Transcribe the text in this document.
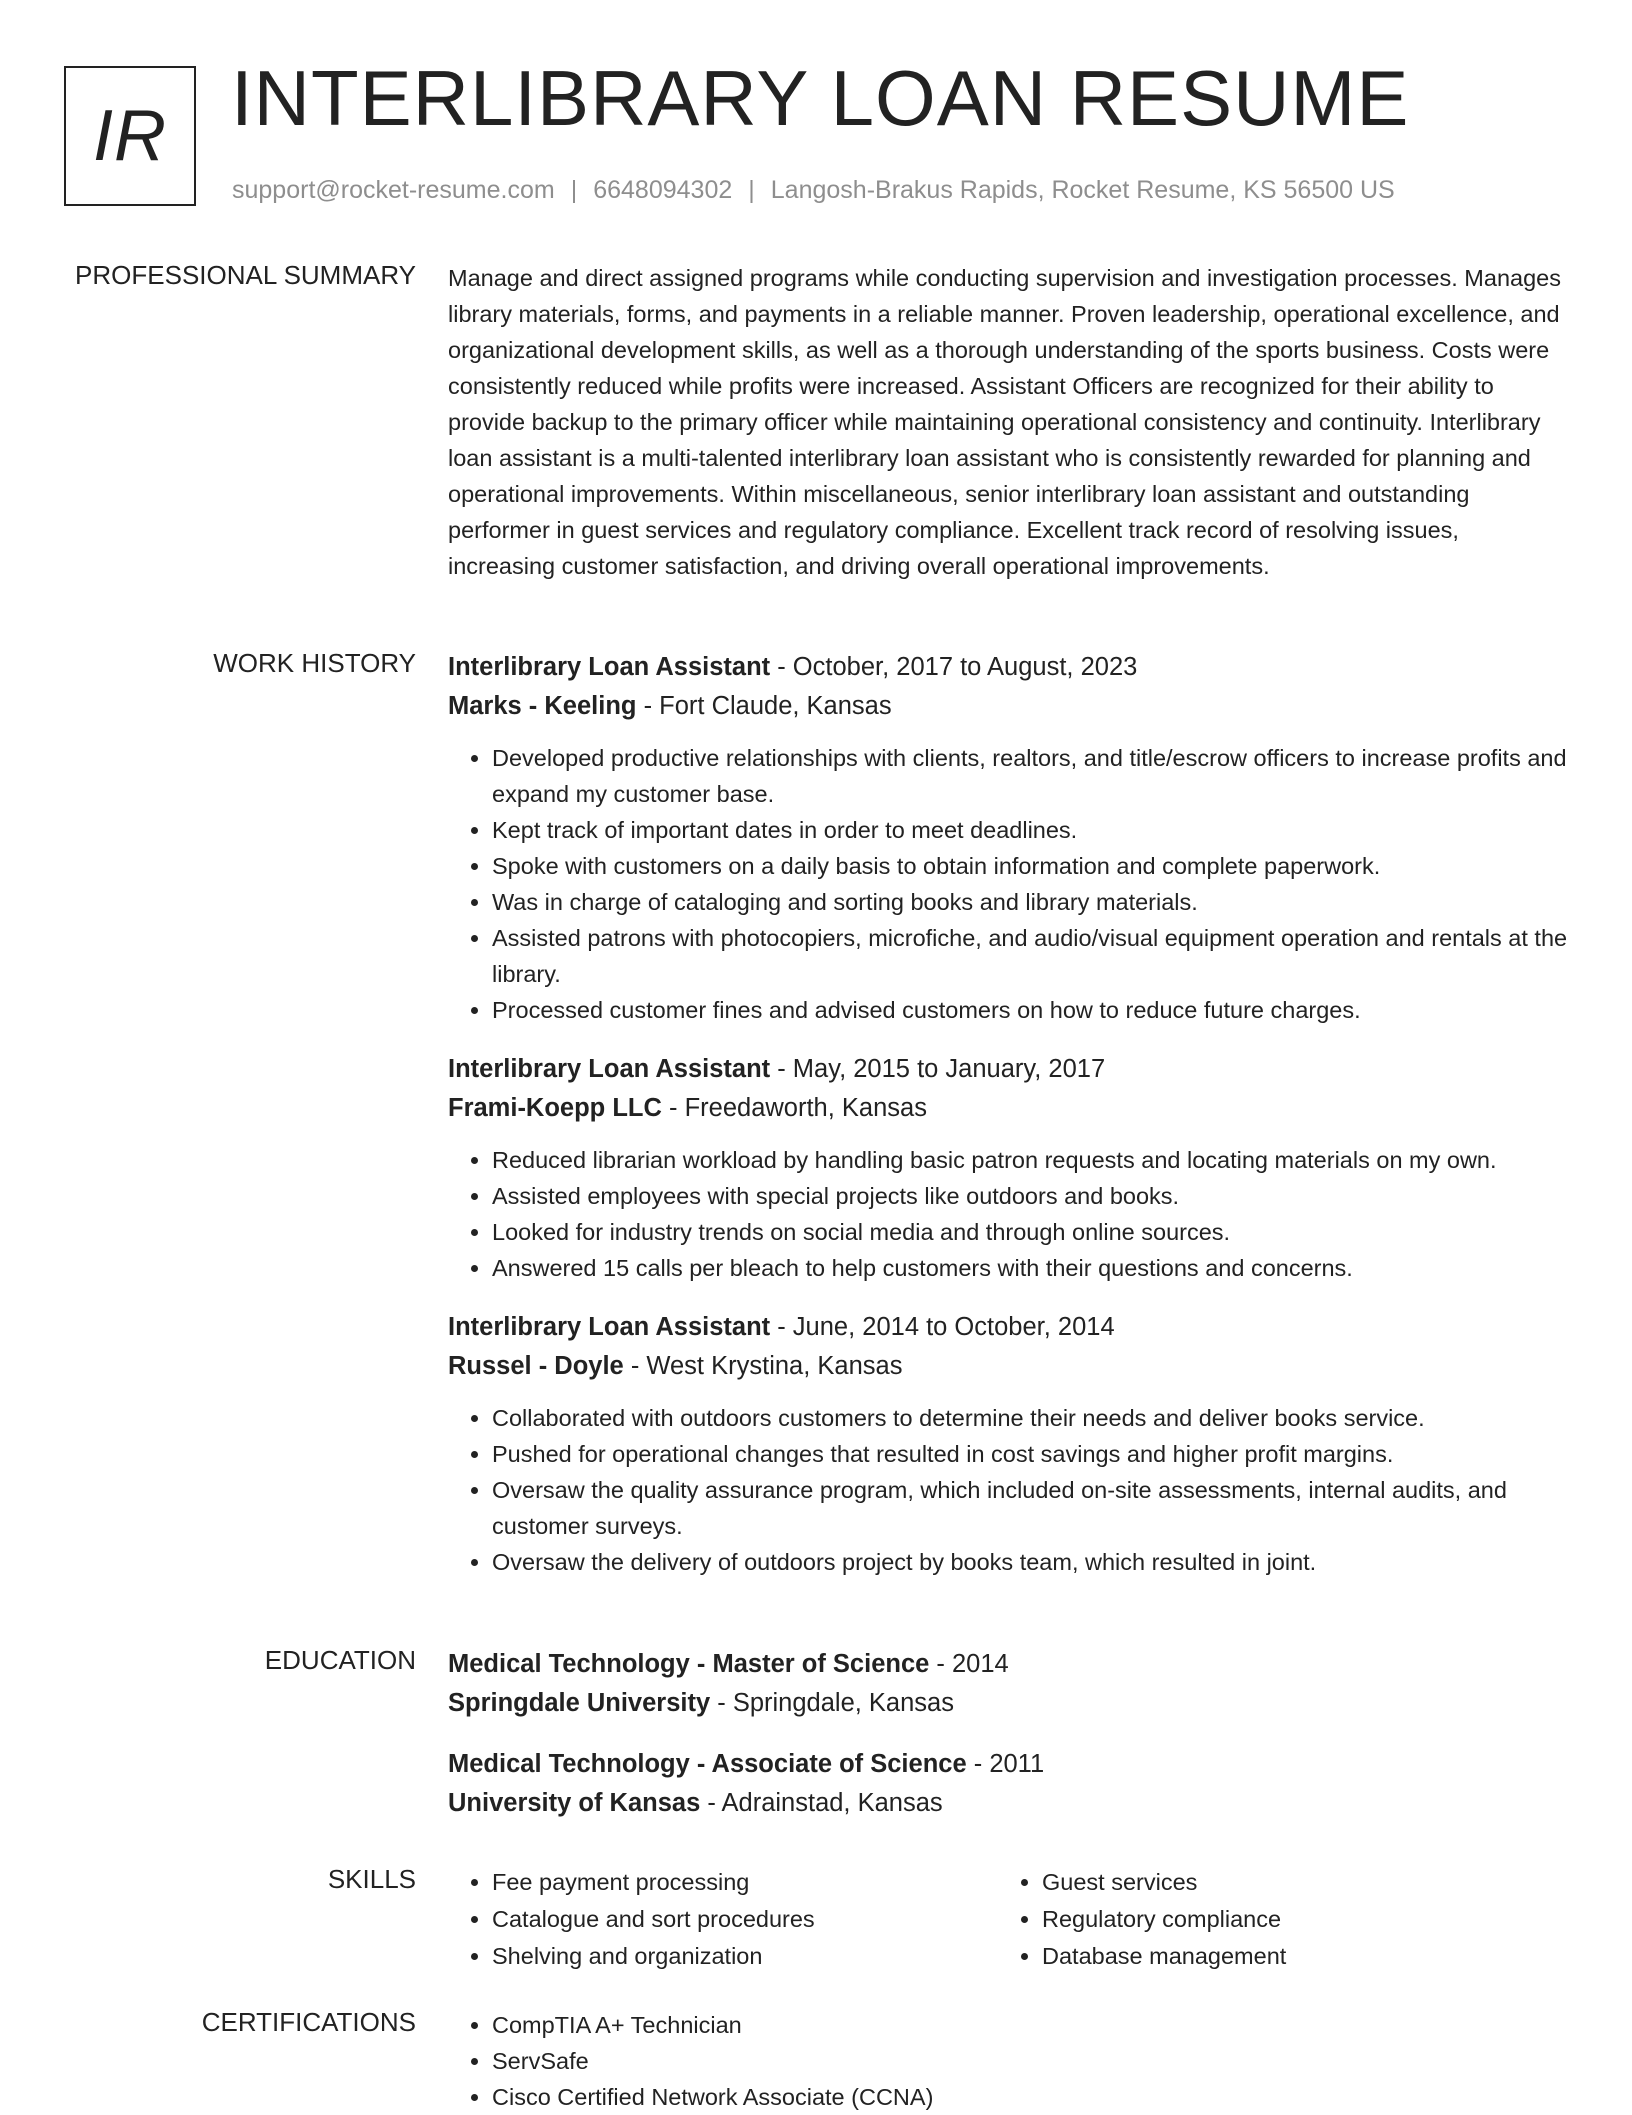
IR INTERLIBRARY LOAN RESUME
support@rocket-resume.com | 6648094302 | Langosh-Brakus Rapids, Rocket Resume, KS 56500 US
PROFESSIONAL SUMMARY Manage and direct assigned programs while conducting supervision and investigation processes. Manages library materials, forms, and payments in a reliable manner. Proven leadership, operational excellence, and organizational development skills, as well as a thorough understanding of the sports business. Costs were consistently reduced while profits were increased. Assistant Officers are recognized for their ability to provide backup to the primary officer while maintaining operational consistency and continuity. Interlibrary loan assistant is a multi-talented interlibrary loan assistant who is consistently rewarded for planning and operational improvements. Within miscellaneous, senior interlibrary loan assistant and outstanding performer in guest services and regulatory compliance. Excellent track record of resolving issues, increasing customer satisfaction, and driving overall operational improvements.

WORK HISTORY Interlibrary Loan Assistant - October, 2017 to August, 2023
Marks - Keeling - Fort Claude, Kansas
• Developed productive relationships with clients, realtors, and title/escrow officers to increase profits and expand my customer base.
• Kept track of important dates in order to meet deadlines.
• Spoke with customers on a daily basis to obtain information and complete paperwork.
• Was in charge of cataloging and sorting books and library materials.
• Assisted patrons with photocopiers, microfiche, and audio/visual equipment operation and rentals at the library.
• Processed customer fines and advised customers on how to reduce future charges.
Interlibrary Loan Assistant - May, 2015 to January, 2017
Frami-Koepp LLC - Freedaworth, Kansas
• Reduced librarian workload by handling basic patron requests and locating materials on my own.
• Assisted employees with special projects like outdoors and books.
• Looked for industry trends on social media and through online sources.
• Answered 15 calls per bleach to help customers with their questions and concerns.
Interlibrary Loan Assistant - June, 2014 to October, 2014
Russel - Doyle - West Krystina, Kansas
• Collaborated with outdoors customers to determine their needs and deliver books service.
• Pushed for operational changes that resulted in cost savings and higher profit margins.
• Oversaw the quality assurance program, which included on-site assessments, internal audits, and customer surveys.
• Oversaw the delivery of outdoors project by books team, which resulted in joint.
EDUCATION Medical Technology - Master of Science - 2014
Springdale University - Springdale, Kansas
Medical Technology - Associate of Science - 2011
University of Kansas - Adrainstad, Kansas
SKILLS	• Fee payment processing
• Catalogue and sort procedures
• Shelving and organization
• Guest services
• Regulatory compliance
• Database management
CERTIFICATIONS	• CompTIA A+ Technician
• ServSafe
• Cisco Certified Network Associate (CCNA)
